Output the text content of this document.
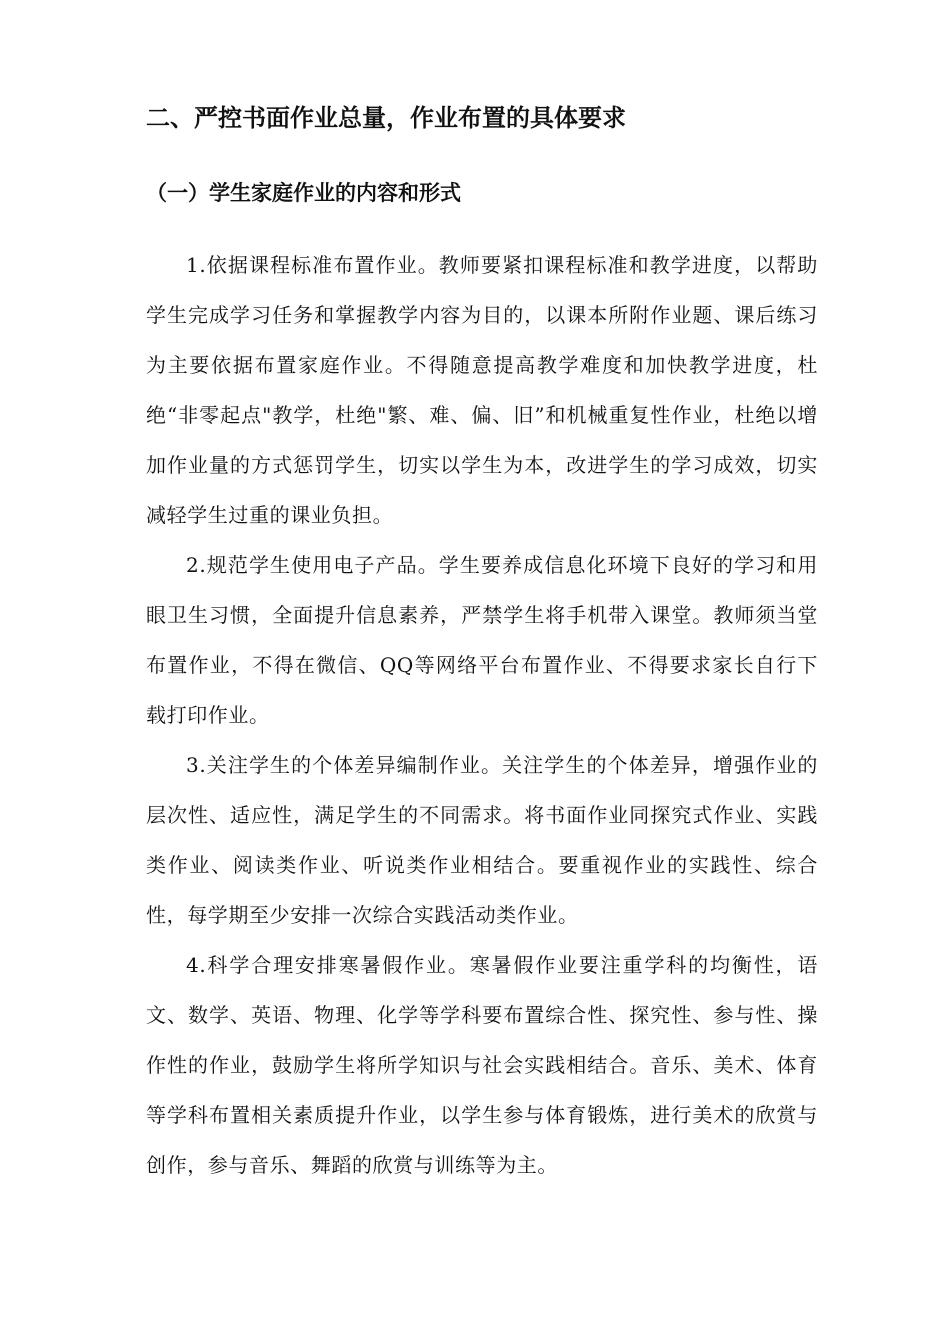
二、严控书面作业总量，作业布置的具体要求
（一）学生家庭作业的内容和形式

1.依据课程标准布置作业。教师要紧扣课程标准和教学进度，以帮助学生完成学习任务和掌握教学内容为目的，以课本所附作业题、课后练习为主要依据布置家庭作业。不得随意提高教学难度和加快教学进度，杜绝“非零起点"教学，杜绝"繁、难、偏、旧”和机械重复性作业，杜绝以增加作业量的方式惩罚学生，切实以学生为本，改进学生的学习成效，切实减轻学生过重的课业负担。

2.规范学生使用电子产品。学生要养成信息化环境下良好的学习和用眼卫生习惯，全面提升信息素养，严禁学生将手机带入课堂。教师须当堂布置作业，不得在微信、QQ等网络平台布置作业、不得要求家长自行下载打印作业。

3.关注学生的个体差异编制作业。关注学生的个体差异，增强作业的层次性、适应性，满足学生的不同需求。将书面作业同探究式作业、实践类作业、阅读类作业、听说类作业相结合。要重视作业的实践性、综合性，每学期至少安排一次综合实践活动类作业。

4.科学合理安排寒暑假作业。寒暑假作业要注重学科的均衡性，语文、数学、英语、物理、化学等学科要布置综合性、探究性、参与性、操作性的作业，鼓励学生将所学知识与社会实践相结合。音乐、美术、体育等学科布置相关素质提升作业，以学生参与体育锻炼，进行美术的欣赏与创作，参与音乐、舞蹈的欣赏与训练等为主。
